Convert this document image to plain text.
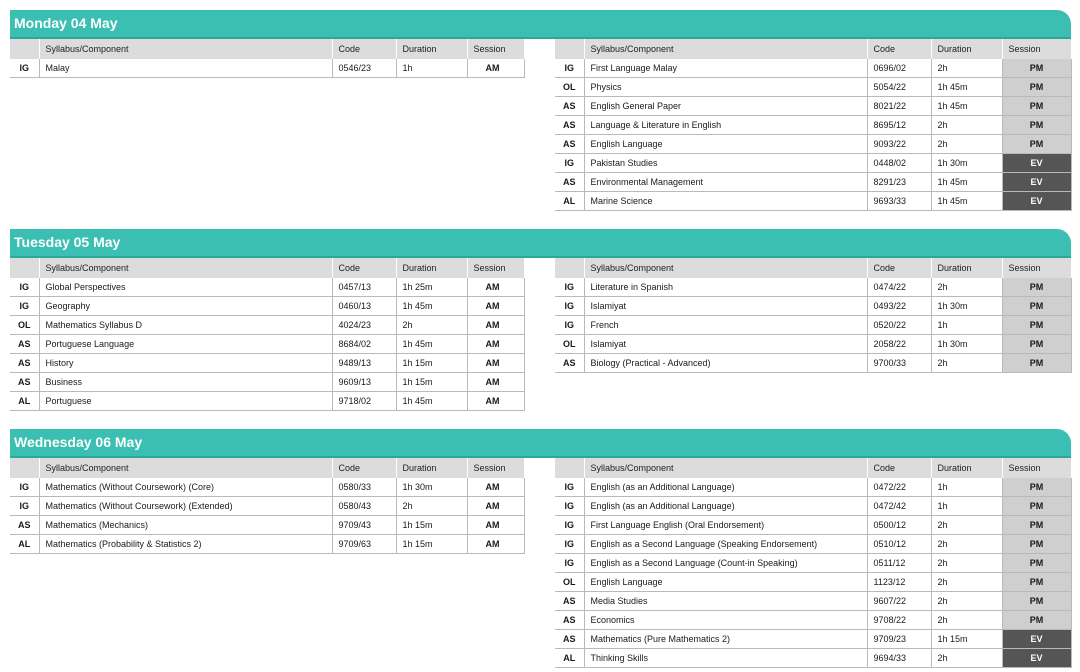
Monday 04 May
	Syllabus/Component	Code	Duration	Session
IG	Malay	0546/23	1h	AM
	Syllabus/Component	Code	Duration	Session
IG	First Language Malay	0696/02	2h	PM
OL	Physics	5054/22	1h 45m	PM
AS	English General Paper	8021/22	1h 45m	PM
AS	Language & Literature in English	8695/12	2h	PM
AS	English Language	9093/22	2h	PM
IG	Pakistan Studies	0448/02	1h 30m	EV
AS	Environmental Management	8291/23	1h 45m	EV
AL	Marine Science	9693/33	1h 45m	EV
Tuesday 05 May
	Syllabus/Component	Code	Duration	Session
IG	Global Perspectives	0457/13	1h 25m	AM
IG	Geography	0460/13	1h 45m	AM
OL	Mathematics Syllabus D	4024/23	2h	AM
AS	Portuguese Language	8684/02	1h 45m	AM
AS	History	9489/13	1h 15m	AM
AS	Business	9609/13	1h 15m	AM
AL	Portuguese	9718/02	1h 45m	AM
	Syllabus/Component	Code	Duration	Session
IG	Literature in Spanish	0474/22	2h	PM
IG	Islamiyat	0493/22	1h 30m	PM
IG	French	0520/22	1h	PM
OL	Islamiyat	2058/22	1h 30m	PM
AS	Biology (Practical - Advanced)	9700/33	2h	PM
Wednesday 06 May
	Syllabus/Component	Code	Duration	Session
IG	Mathematics (Without Coursework) (Core)	0580/33	1h 30m	AM
IG	Mathematics (Without Coursework) (Extended)	0580/43	2h	AM
AS	Mathematics (Mechanics)	9709/43	1h 15m	AM
AL	Mathematics (Probability & Statistics 2)	9709/63	1h 15m	AM
	Syllabus/Component	Code	Duration	Session
IG	English (as an Additional Language)	0472/22	1h	PM
IG	English (as an Additional Language)	0472/42	1h	PM
IG	First Language English (Oral Endorsement)	0500/12	2h	PM
IG	English as a Second Language (Speaking Endorsement)	0510/12	2h	PM
IG	English as a Second Language (Count-in Speaking)	0511/12	2h	PM
OL	English Language	1123/12	2h	PM
AS	Media Studies	9607/22	2h	PM
AS	Economics	9708/22	2h	PM
AS	Mathematics (Pure Mathematics 2)	9709/23	1h 15m	EV
AL	Thinking Skills	9694/33	2h	EV
